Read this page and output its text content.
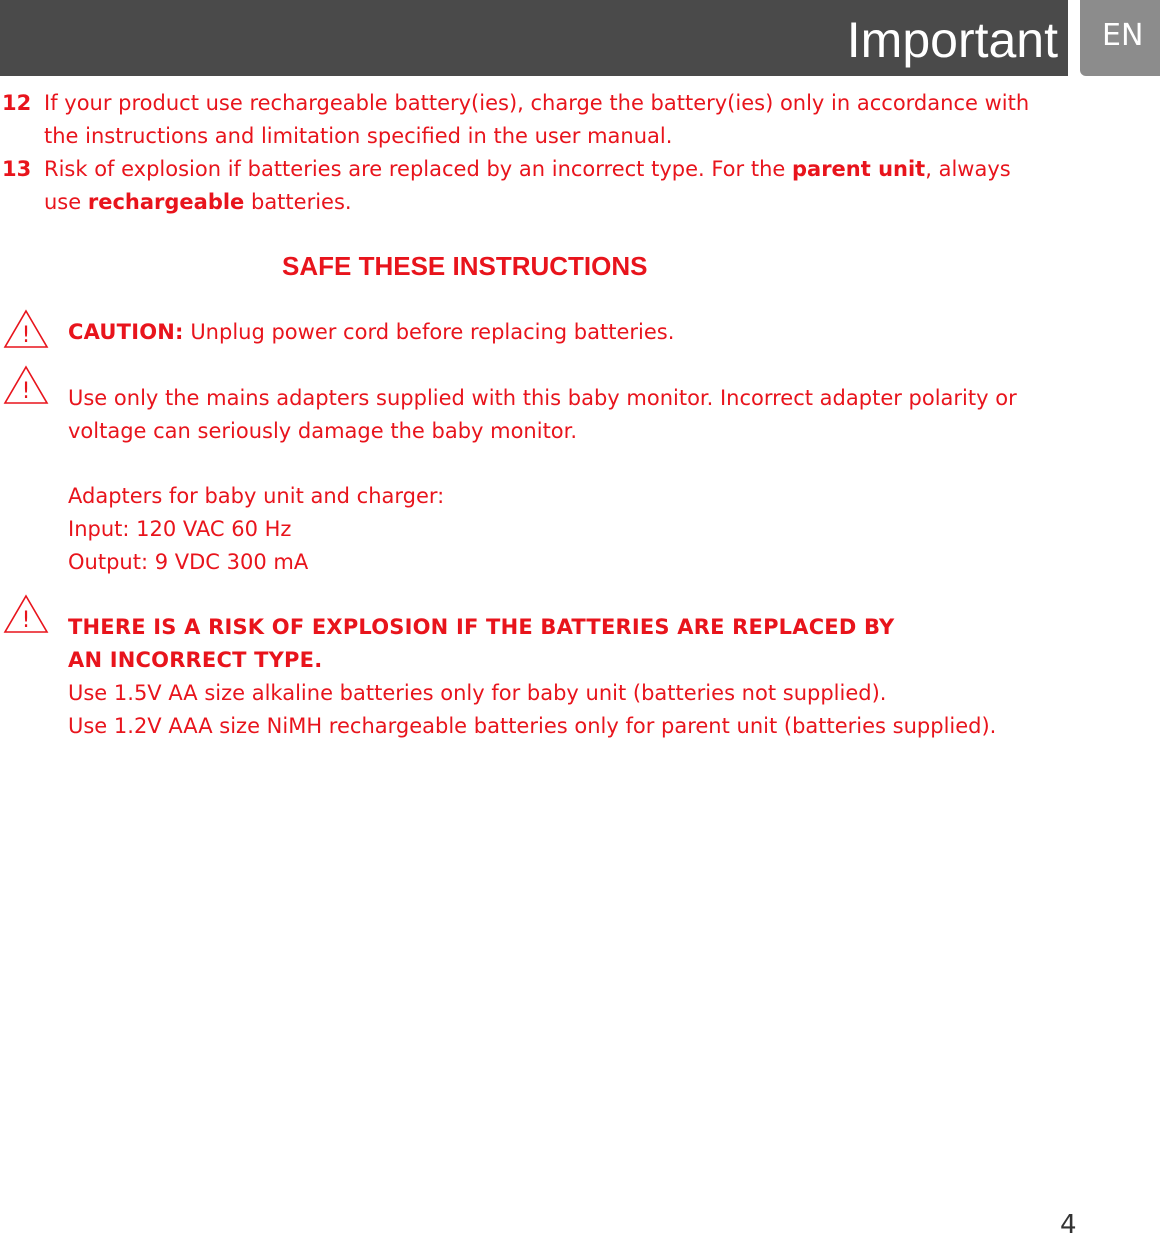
Important EN
12 If your product use rechargeable battery(ies), charge the battery(ies) only in accordance with
the instructions and limitation specified in the user manual.
13 Risk of explosion if batteries are replaced by an incorrect type. For the parent unit, always
use rechargeable batteries.
SAFE THESE INSTRUCTIONS
! CAUTION: Unplug power cord before replacing batteries.
! Use only the mains adapters supplied with this baby monitor. Incorrect adapter polarity or
voltage can seriously damage the baby monitor.
Adapters for baby unit and charger:
Input: 120 VAC 60 Hz
Output: 9 VDC 300 mA
! THERE IS A RISK OF EXPLOSION IF THE BATTERIES ARE REPLACED BY
AN INCORRECT TYPE.
Use 1.5V AA size alkaline batteries only for baby unit (batteries not supplied).
Use 1.2V AAA size NiMH rechargeable batteries only for parent unit (batteries supplied).
4
